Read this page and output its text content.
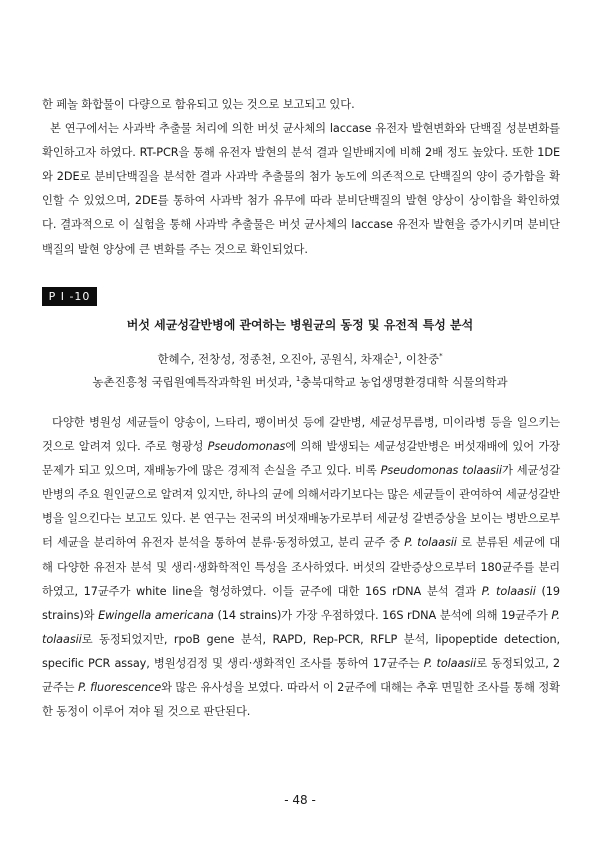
한 페놀 화합물이 다량으로 함유되고 있는 것으로 보고되고 있다.

본 연구에서는 사과박 추출물 처리에 의한 버섯 균사체의 laccase 유전자 발현변화와 단백질 성분변화를 확인하고자 하였다. RT-PCR을 통해 유전자 발현의 분석 결과 일반배지에 비해 2배 정도 높았다. 또한 1DE와 2DE로 분비단백질을 분석한 결과 사과박 추출물의 첨가 농도에 의존적으로 단백질의 양이 증가함을 확인할 수 있었으며, 2DE를 통하여 사과박 첨가 유무에 따라 분비단백질의 발현 양상이 상이함을 확인하였다. 결과적으로 이 실험을 통해 사과박 추출물은 버섯 균사체의 laccase 유전자 발현을 증가시키며 분비단백질의 발현 양상에 큰 변화를 주는 것으로 확인되었다.

P I -10
버섯 세균성갈반병에 관여하는 병원균의 동정 및 유전적 특성 분석
한혜수, 전창성, 정종천, 오진아, 공원식, 차재순$^1$, 이찬중*
농촌진흥청 국립원예특작과학원 버섯과, $^1$충북대학교 농업생명환경대학 식물의학과

다양한 병원성 세균들이 양송이, 느타리, 팽이버섯 등에 갈반병, 세균성무름병, 미이라병 등을 일으키는 것으로 알려져 있다. 주로 형광성 Pseudomonas에 의해 발생되는 세균성갈반병은 버섯재배에 있어 가장 문제가 되고 있으며, 재배농가에 많은 경제적 손실을 주고 있다. 비록 Pseudomonas tolaasii가 세균성갈반병의 주요 원인균으로 알려져 있지만, 하나의 균에 의해서라기보다는 많은 세균들이 관여하여 세균성갈반병을 일으킨다는 보고도 있다. 본 연구는 전국의 버섯재배농가로부터 세균성 갈변증상을 보이는 병반으로부터 세균을 분리하여 유전자 분석을 통하여 분류·동정하였고, 분리 균주 중 P. tolaasii 로 분류된 세균에 대해 다양한 유전자 분석 및 생리·생화학적인 특성을 조사하였다. 버섯의 갈반증상으로부터 180균주를 분리하였고, 17균주가 white line을 형성하였다. 이들 균주에 대한 16S rDNA 분석 결과 P. tolaasii (19 strains)와 Ewingella americana (14 strains)가 가장 우점하였다. 16S rDNA 분석에 의해 19균주가 P. tolaasii로 동정되었지만, rpoB gene 분석, RAPD, Rep-PCR, RFLP 분석, lipopeptide detection, specific PCR assay, 병원성검정 및 생리·생화적인 조사를 통하여 17균주는 P. tolaasii로 동정되었고, 2균주는 P. fluorescence와 많은 유사성을 보였다. 따라서 이 2균주에 대해는 추후 면밀한 조사를 통해 정확한 동정이 이루어 져야 될 것으로 판단된다.

- 48 -
